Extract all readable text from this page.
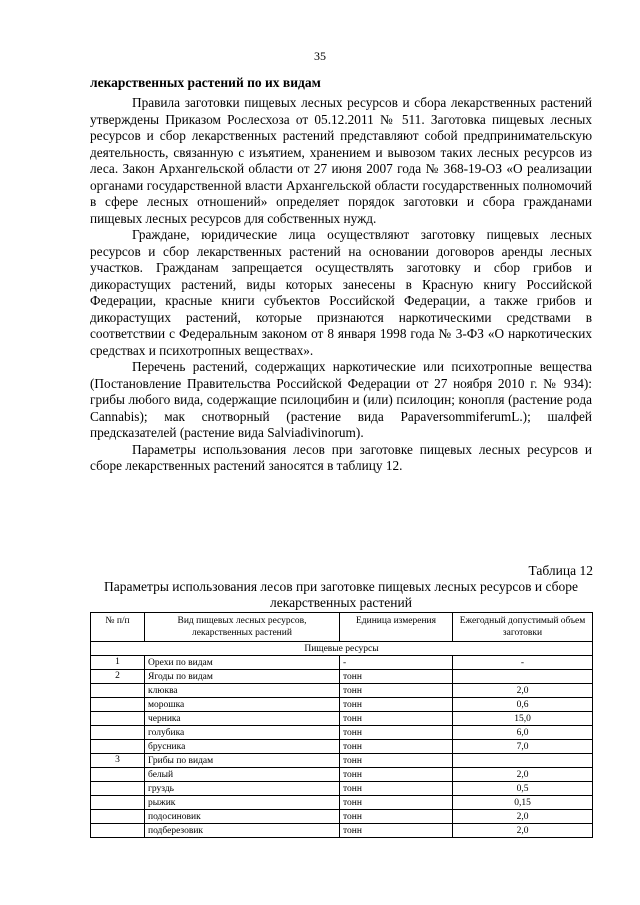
35
лекарственных растений по их видам

Правила заготовки пищевых лесных ресурсов и сбора лекарственных растений утверждены Приказом Рослесхоза от 05.12.2011 № 511. Заготовка пищевых лесных ресурсов и сбор лекарственных растений представляют собой предпринимательскую деятельность, связанную с изъятием, хранением и вывозом таких лесных ресурсов из леса. Закон Архангельской области от 27 июня 2007 года № 368-19-ОЗ «О реализации органами государственной власти Архангельской области государственных полномочий в сфере лесных отношений» определяет порядок заготовки и сбора гражданами пищевых лесных ресурсов для собственных нужд.

Граждане, юридические лица осуществляют заготовку пищевых лесных ресурсов и сбор лекарственных растений на основании договоров аренды лесных участков. Гражданам запрещается осуществлять заготовку и сбор грибов и дикорастущих растений, виды которых занесены в Красную книгу Российской Федерации, красные книги субъектов Российской Федерации, а также грибов и дикорастущих растений, которые признаются наркотическими средствами в соответствии с Федеральным законом от 8 января 1998 года № 3-ФЗ «О наркотических средствах и психотропных веществах».

Перечень растений, содержащих наркотические или психотропные вещества (Постановление Правительства Российской Федерации от 27 ноября 2010 г. № 934): грибы любого вида, содержащие псилоцибин и (или) псилоцин; конопля (растение рода Cannabis); мак снотворный (растение вида PapaversommiferumL.); шалфей предсказателей (растение вида Salviadivinorum).

Параметры использования лесов при заготовке пищевых лесных ресурсов и сборе лекарственных растений заносятся в таблицу 12.

Таблица 12
Параметры использования лесов при заготовке пищевых лесных ресурсов и сборе лекарственных растений
№ п/п	Вид пищевых лесных ресурсов, лекарственных растений	Единица измерения	Ежегодный допустимый объем заготовки
Пищевые ресурсы			
1	Орехи по видам	-	-
2	Ягоды по видам	тонн	
	клюква	тонн	2,0
	морошка	тонн	0,6
	черника	тонн	15,0
	голубика	тонн	6,0
	брусника	тонн	7,0
3	Грибы по видам	тонн	
	белый	тонн	2,0
	груздь	тонн	0,5
	рыжик	тонн	0,15
	подосиновик	тонн	2,0
	подберезовик	тонн	2,0
